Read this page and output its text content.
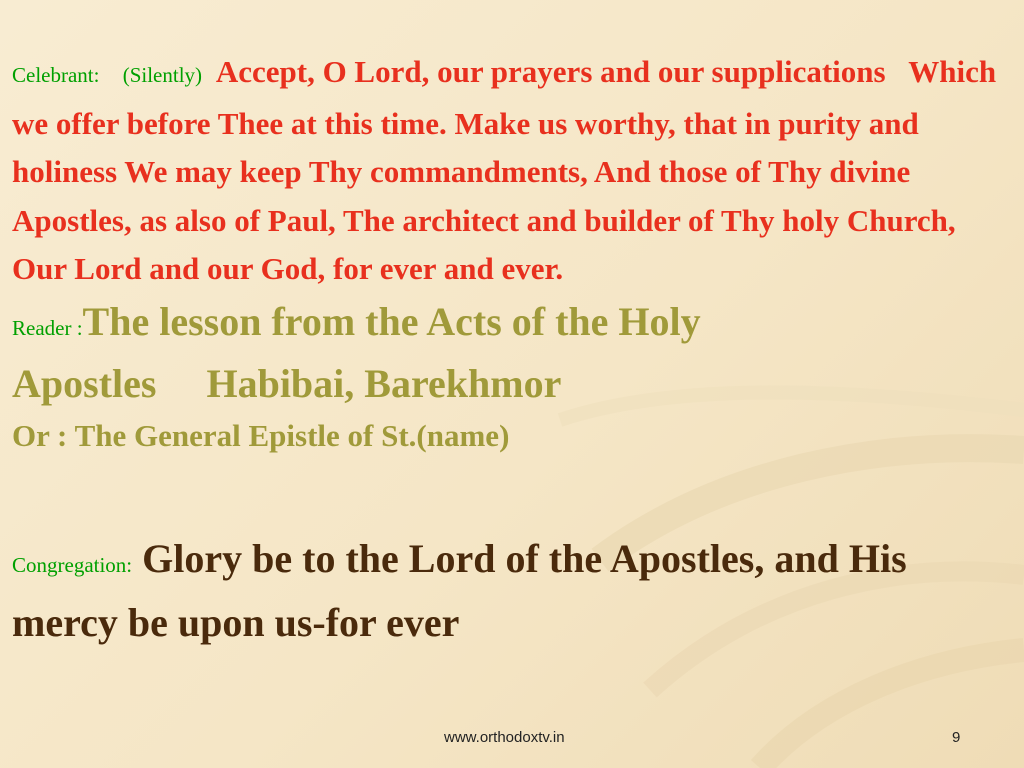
Celebrant: (Silently) Accept, O Lord, our prayers and our supplications Which we offer before Thee at this time. Make us worthy, that in purity and holiness We may keep Thy commandments, And those of Thy divine Apostles, as also of Paul, The architect and builder of Thy holy Church, Our Lord and our God, for ever and ever.

Reader :The lesson from the Acts of the Holy Apostles Habibai, Barekhmor

Or : The General Epistle of St.(name)

Congregation: Glory be to the Lord of the Apostles, and His mercy be upon us-for ever

www.orthodoxtv.in	9
